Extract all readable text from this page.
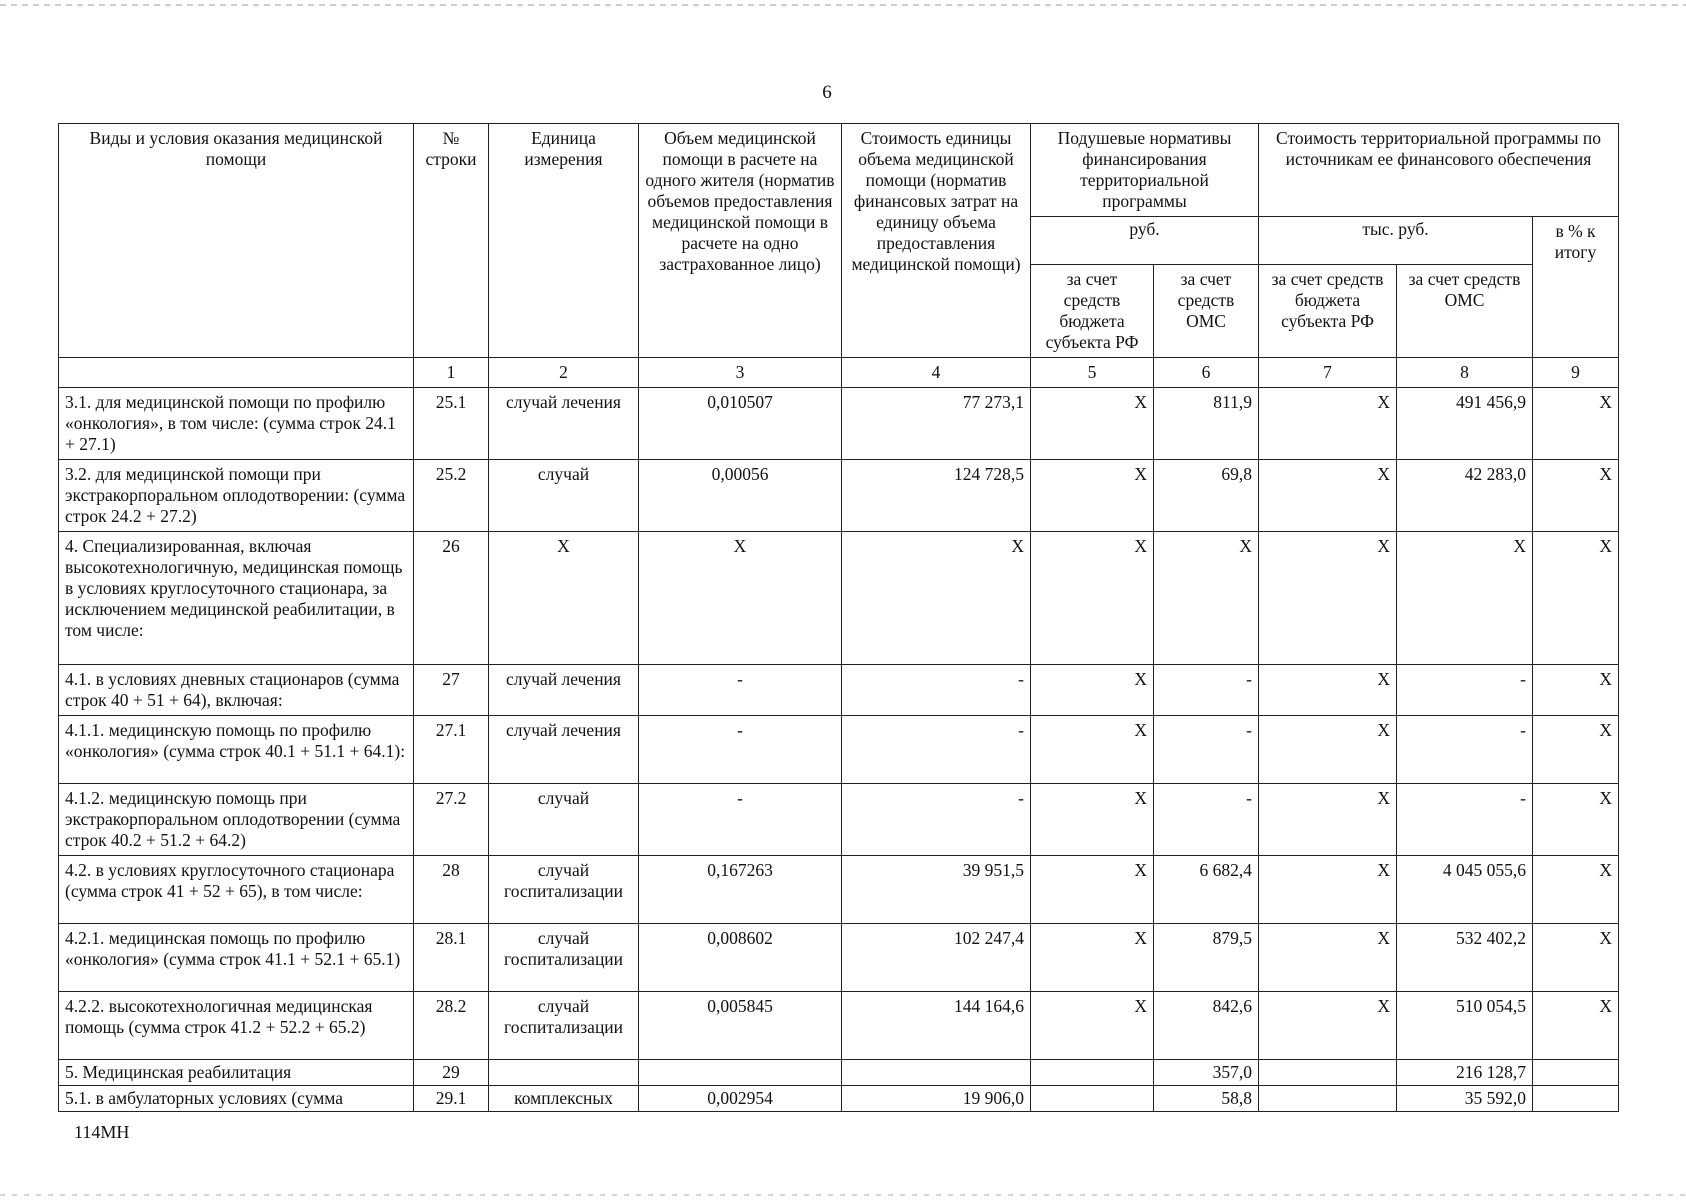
6
Виды и условия оказания медицинской помощи	№ строки	Единица измерения	Объем медицинской помощи в расчете на одного жителя (норматив объемов предоставления медицинской помощи в расчете на одно застрахованное лицо)	Стоимость единицы объема медицинской помощи (норматив финансовых затрат на единицу объема предоставления медицинской помощи)	Подушевые нормативы финансирования территориальной программы		Стоимость территориальной программы по источникам ее финансового обеспечения		
					руб.		тыс. руб.		в % к итогу
					за счет средств бюджета субъекта РФ	за счет средств ОМС	за счет средств бюджета субъекта РФ	за счет средств ОМС	
	1	2	3	4	5	6	7	8	9
3.1. для медицинской помощи по профилю «онкология», в том числе: (сумма строк 24.1 + 27.1)	25.1	случай лечения	0,010507	77 273,1	X	811,9	X	491 456,9	X
3.2. для медицинской помощи при экстракорпоральном оплодотворении: (сумма строк 24.2 + 27.2)	25.2	случай	0,00056	124 728,5	X	69,8	X	42 283,0	X
4. Специализированная, включая высокотехнологичную, медицинская помощь в условиях круглосуточного стационара, за исключением медицинской реабилитации, в том числе:	26	X	X	X	X	X	X	X	X
4.1. в условиях дневных стационаров (сумма строк 40 + 51 + 64), включая:	27	случай лечения	-	-	X	-	X	-	X
4.1.1. медицинскую помощь по профилю «онкология» (сумма строк 40.1 + 51.1 + 64.1):	27.1	случай лечения	-	-	X	-	X	-	X
4.1.2. медицинскую помощь при экстракорпоральном оплодотворении (сумма строк 40.2 + 51.2 + 64.2)	27.2	случай	-	-	X	-	X	-	X
4.2. в условиях круглосуточного стационара (сумма строк 41 + 52 + 65), в том числе:	28	случай госпитализации	0,167263	39 951,5	X	6 682,4	X	4 045 055,6	X
4.2.1. медицинская помощь по профилю «онкология» (сумма строк 41.1 + 52.1 + 65.1)	28.1	случай госпитализации	0,008602	102 247,4	X	879,5	X	532 402,2	X
4.2.2. высокотехнологичная медицинская помощь (сумма строк 41.2 + 52.2 + 65.2)	28.2	случай госпитализации	0,005845	144 164,6	X	842,6	X	510 054,5	X
5. Медицинская реабилитация	29					357,0		216 128,7	
5.1. в амбулаторных условиях (сумма	29.1	комплексных	0,002954	19 906,0		58,8		35 592,0	
114МН
